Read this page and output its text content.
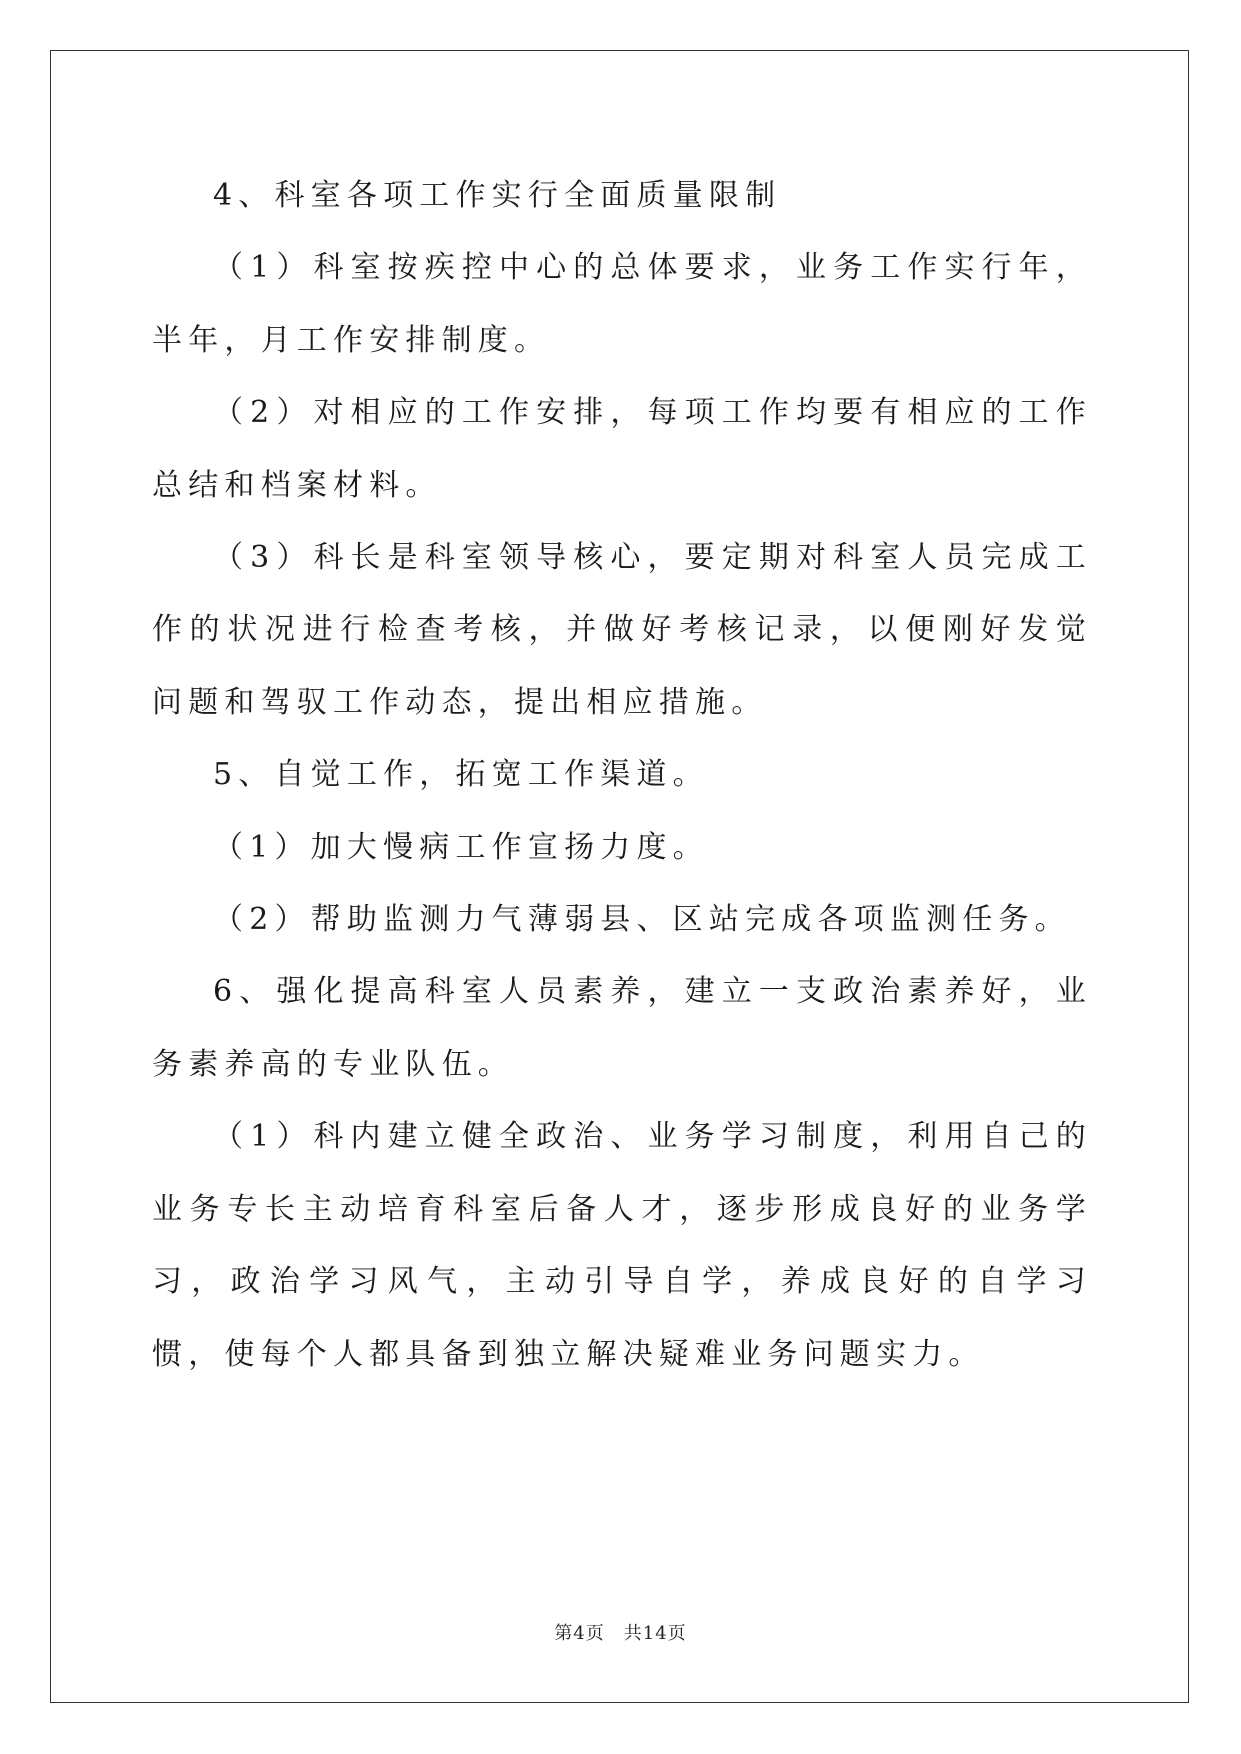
4、科室各项工作实行全面质量限制

（1）科室按疾控中心的总体要求，业务工作实行年，半年，月工作安排制度。

（2）对相应的工作安排，每项工作均要有相应的工作总结和档案材料。

（3）科长是科室领导核心，要定期对科室人员完成工作的状况进行检查考核，并做好考核记录，以便刚好发觉问题和驾驭工作动态，提出相应措施。

5、自觉工作，拓宽工作渠道。

（1）加大慢病工作宣扬力度。

（2）帮助监测力气薄弱县、区站完成各项监测任务。

6、强化提高科室人员素养，建立一支政治素养好，业务素养高的专业队伍。

（1）科内建立健全政治、业务学习制度，利用自己的业务专长主动培育科室后备人才，逐步形成良好的业务学习，政治学习风气，主动引导自学，养成良好的自学习惯，使每个人都具备到独立解决疑难业务问题实力。

第4页　共14页
